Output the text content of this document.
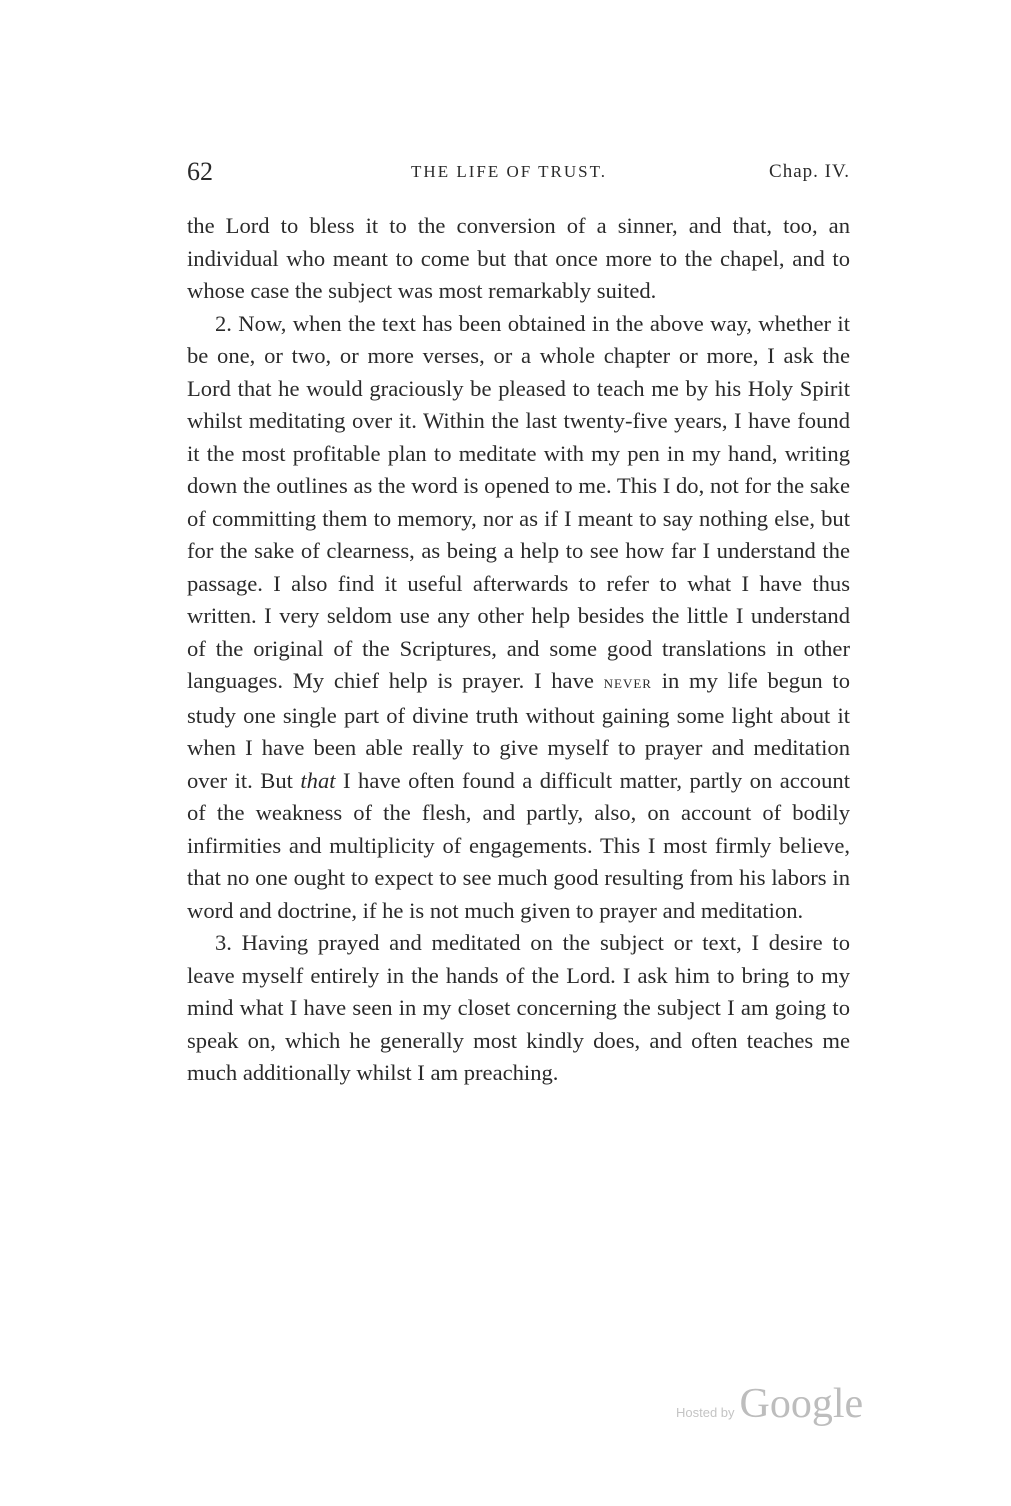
62	THE LIFE OF TRUST.	Chap. IV.

the Lord to bless it to the conversion of a sinner, and that, too, an individual who meant to come but that once more to the chapel, and to whose case the subject was most remarkably suited.

2. Now, when the text has been obtained in the above way, whether it be one, or two, or more verses, or a whole chapter or more, I ask the Lord that he would graciously be pleased to teach me by his Holy Spirit whilst meditating over it. Within the last twenty-five years, I have found it the most profitable plan to meditate with my pen in my hand, writing down the outlines as the word is opened to me. This I do, not for the sake of committing them to memory, nor as if I meant to say nothing else, but for the sake of clearness, as being a help to see how far I understand the passage. I also find it useful afterwards to refer to what I have thus written. I very seldom use any other help besides the little I understand of the original of the Scriptures, and some good translations in other languages. My chief help is prayer. I have never in my life begun to study one single part of divine truth without gaining some light about it when I have been able really to give myself to prayer and meditation over it. But that I have often found a difficult matter, partly on account of the weakness of the flesh, and partly, also, on account of bodily infirmities and multiplicity of engagements. This I most firmly believe, that no one ought to expect to see much good resulting from his labors in word and doctrine, if he is not much given to prayer and meditation.

3. Having prayed and meditated on the subject or text, I desire to leave myself entirely in the hands of the Lord. I ask him to bring to my mind what I have seen in my closet concerning the subject I am going to speak on, which he generally most kindly does, and often teaches me much additionally whilst I am preaching.

Hosted by Google
